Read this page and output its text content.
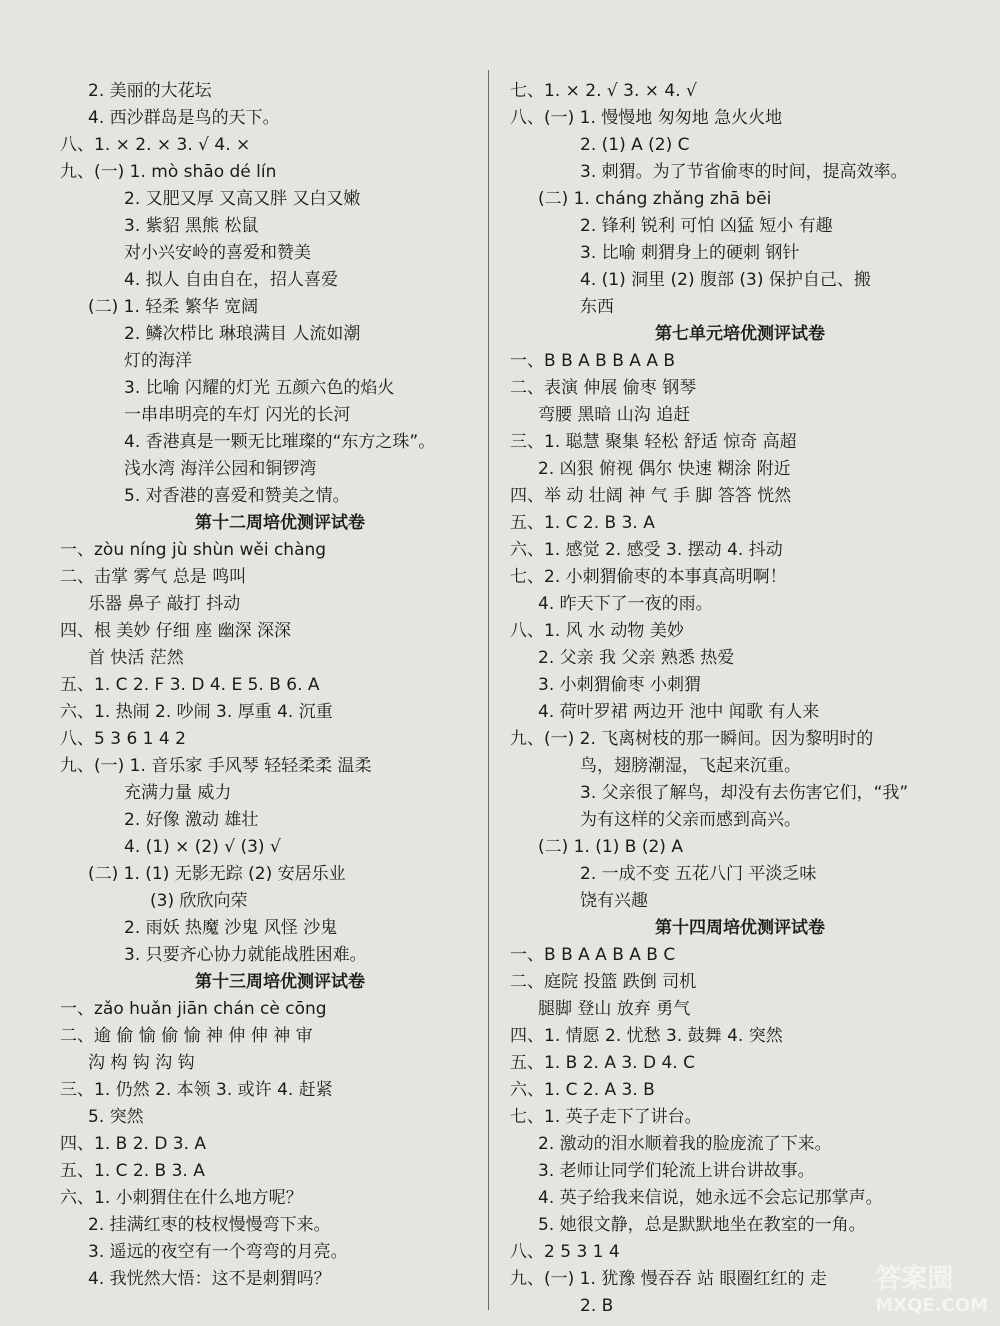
2. 美丽的大花坛
4. 西沙群岛是鸟的天下。
八、1. × 2. × 3. √ 4. ×
九、(一) 1. mò shāo dé lín
2. 又肥又厚 又高又胖 又白又嫩
3. 紫貂 黑熊 松鼠
对小兴安岭的喜爱和赞美
4. 拟人 自由自在，招人喜爱
(二) 1. 轻柔 繁华 宽阔
2. 鳞次栉比 琳琅满目 人流如潮
灯的海洋
3. 比喻 闪耀的灯光 五颜六色的焰火
一串串明亮的车灯 闪光的长河
4. 香港真是一颗无比璀璨的“东方之珠”。
浅水湾 海洋公园和铜锣湾
5. 对香港的喜爱和赞美之情。
第十二周培优测评试卷
一、zòu níng jù shùn wěi chàng
二、击掌 雾气 总是 鸣叫
乐器 鼻子 敲打 抖动
四、根 美妙 仔细 座 幽深 深深
首 快活 茫然
五、1. C 2. F 3. D 4. E 5. B 6. A
六、1. 热闹 2. 吵闹 3. 厚重 4. 沉重
八、5 3 6 1 4 2
九、(一) 1. 音乐家 手风琴 轻轻柔柔 温柔
充满力量 威力
2. 好像 激动 雄壮
4. (1) × (2) √ (3) √
(二) 1. (1) 无影无踪 (2) 安居乐业
(3) 欣欣向荣
2. 雨妖 热魔 沙鬼 风怪 沙鬼
3. 只要齐心协力就能战胜困难。
第十三周培优测评试卷
一、zǎo huǎn jiān chán cè cōng
二、逾 偷 愉 偷 愉 神 伸 伸 神 审
沟 构 钩 沟 钩
三、1. 仍然 2. 本领 3. 或许 4. 赶紧
5. 突然
四、1. B 2. D 3. A
五、1. C 2. B 3. A
六、1. 小刺猬住在什么地方呢？
2. 挂满红枣的枝杈慢慢弯下来。
3. 遥远的夜空有一个弯弯的月亮。
4. 我恍然大悟：这不是刺猬吗？
七、1. × 2. √ 3. × 4. √
八、(一) 1. 慢慢地 匆匆地 急火火地
2. (1) A (2) C
3. 刺猬。为了节省偷枣的时间，提高效率。
(二) 1. cháng zhǎng zhā bēi
2. 锋利 锐利 可怕 凶猛 短小 有趣
3. 比喻 刺猬身上的硬刺 钢针
4. (1) 洞里 (2) 腹部 (3) 保护自己、搬
东西
第七单元培优测评试卷
一、B B A B B A A B
二、表演 伸展 偷枣 钢琴
弯腰 黑暗 山沟 追赶
三、1. 聪慧 聚集 轻松 舒适 惊奇 高超
2. 凶狠 俯视 偶尔 快速 糊涂 附近
四、举 动 壮阔 神 气 手 脚 答答 恍然
五、1. C 2. B 3. A
六、1. 感觉 2. 感受 3. 摆动 4. 抖动
七、2. 小刺猬偷枣的本事真高明啊！
4. 昨天下了一夜的雨。
八、1. 风 水 动物 美妙
2. 父亲 我 父亲 熟悉 热爱
3. 小刺猬偷枣 小刺猬
4. 荷叶罗裙 两边开 池中 闻歌 有人来
九、(一) 2. 飞离树枝的那一瞬间。因为黎明时的
鸟，翅膀潮湿，飞起来沉重。
3. 父亲很了解鸟，却没有去伤害它们，“我”
为有这样的父亲而感到高兴。
(二) 1. (1) B (2) A
2. 一成不变 五花八门 平淡乏味
饶有兴趣
第十四周培优测评试卷
一、B B A A B A B C
二、庭院 投篮 跌倒 司机
腿脚 登山 放弃 勇气
四、1. 情愿 2. 忧愁 3. 鼓舞 4. 突然
五、1. B 2. A 3. D 4. C
六、1. C 2. A 3. B
七、1. 英子走下了讲台。
2. 激动的泪水顺着我的脸庞流了下来。
3. 老师让同学们轮流上讲台讲故事。
4. 英子给我来信说，她永远不会忘记那掌声。
5. 她很文静，总是默默地坐在教室的一角。
八、2 5 3 1 4
九、(一) 1. 犹豫 慢吞吞 站 眼圈红红的 走
2. B
答案圈
MXQE.COM
